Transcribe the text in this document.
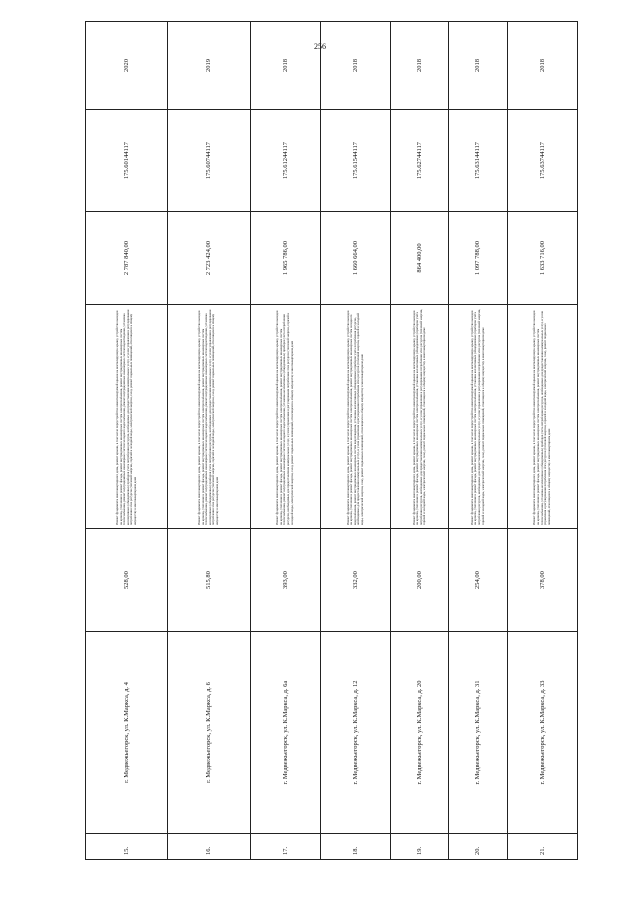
256
15.	г. Медвежьегорск, ул. К.Маркса, д. 4	528,00	Ремонт фундамента многоквартирного дома, ремонт крыши, в том числе переустройство невентилируемой крыши на вентилируемую крышу, устройство выходов на кровлю, утепление и ремонт фасада, ремонт внутридомовых инженерных систем электроснабжения, ремонт внутридомовых инженерных систем теплоснабжения, ремонт внутридомовых инженерных систем холодного водоснабжения, ремонт внутридомовых инженерных систем водоотведения, установка коллективных (общедомовых) приборов учета потребления ресурсов, необходимых для предоставления коммунальных услуг, и узлов управления и регулирования потребления этих ресурсов (тепловой энергии, горячей и холодной воды, электрической энергии, газа), ремонт подвальных помещений, относящихся к общему имуществу в многоквартирном доме	2 787 840,00	175.60144117	2020
16.	г. Медвежьегорск, ул. К.Маркса, д. 6	515,80	Ремонт фундамента многоквартирного дома, ремонт крыши, в том числе переустройство невентилируемой крыши на вентилируемую крышу, устройство выходов на кровлю, утепление и ремонт фасада, ремонт внутридомовых инженерных систем электроснабжения, ремонт внутридомовых инженерных систем теплоснабжения, ремонт внутридомовых инженерных систем холодного водоснабжения, ремонт внутридомовых инженерных систем водоотведения, установка коллективных (общедомовых) приборов учета потребления ресурсов, необходимых для предоставления коммунальных услуг, и узлов управления и регулирования потребления этих ресурсов (тепловой энергии, горячей и холодной воды, электрической энергии, газа), ремонт подвальных помещений, относящихся к общему имуществу в многоквартирном доме	2 723 424,00	175.60744117	2019
17.	г. Медвежьегорск, ул. К.Маркса, д. 6а	393,00	Ремонт фундамента многоквартирного дома, ремонт крыши, в том числе переустройство невентилируемой крыши на вентилируемую крышу, устройство выходов на кровлю, утепление и ремонт фасада, ремонт внутридомовых инженерных систем электроснабжения, ремонт внутридомовых инженерных систем теплоснабжения, ремонт внутридомовых инженерных систем холодного водоснабжения, установка коллективных (общедомовых) приборов учета потребления ресурсов, необходимых для предоставления коммунальных услуг, и узлов управления и регулирования потребления этих ресурсов (тепловой энергии, горячей и холодной воды, электрической энергии, газа), ремонт подвальных помещений, относящихся к общему имуществу в многоквартирном доме	1 965 786,00	175.61244117	2018
18.	г. Медвежьегорск, ул. К.Маркса, д. 12	332,00	Ремонт фундамента многоквартирного дома, ремонт крыши, в том числе переустройство невентилируемой крыши на вентилируемую крышу, устройство выходов на кровлю, утепление и ремонт фасада, ремонт внутридомовых инженерных систем электроснабжения, ремонт внутридомовых инженерных систем холодного водоснабжения, ремонт внутридомовых инженерных систем водоотведения, установка коллективных (общедомовых) приборов учета потребления ресурсов, необходимых для предоставления коммунальных услуг, и узлов управления и регулирования потребления этих ресурсов (тепловой энергии, горячей и холодной воды, электрической энергии, газа), ремонт подвальных помещений, относящихся к общему имуществу в многоквартирном доме	1 660 664,00	175.61544117	2018
19.	г. Медвежьегорск, ул. К.Маркса, д. 20	200,00	Ремонт фундамента многоквартирного дома, ремонт крыши, в том числе переустройство невентилируемой крыши на вентилируемую крышу, устройство выходов на кровлю, утепление и ремонт фасада, ремонт внутридомовых инженерных систем электроснабжения, установка коллективных (общедомовых) приборов учета потребления ресурсов, необходимых для предоставления коммунальных услуг, и узлов управления и регулирования потребления этих ресурсов (тепловой энергии, горячей и холодной воды, электрической энергии, газа), ремонт подвальных помещений, относящихся к общему имуществу в многоквартирном доме	864 400,00	175.62744117	2018
20.	г. Медвежьегорск, ул. К.Маркса, д. 31	254,00	Ремонт фундамента многоквартирного дома, ремонт крыши, в том числе переустройство невентилируемой крыши на вентилируемую крышу, устройство выходов на кровлю, утепление и ремонт фасада, ремонт внутридомовых инженерных систем электроснабжения, установка коллективных (общедомовых) приборов учета потребления ресурсов, необходимых для предоставления коммунальных услуг, и узлов управления и регулирования потребления этих ресурсов (тепловой энергии, горячей и холодной воды, электрической энергии, газа), ремонт подвальных помещений, относящихся к общему имуществу в многоквартирном доме	1 097 788,00	175.63144117	2018
21.	г. Медвежьегорск, ул. К.Маркса, д. 33	378,00	Ремонт фундамента многоквартирного дома, ремонт крыши, в том числе переустройство невентилируемой крыши на вентилируемую крышу, устройство выходов на кровлю, утепление и ремонт фасада, ремонт внутридомовых инженерных систем электроснабжения, ремонт внутридомовых инженерных систем теплоснабжения, установка коллективных (общедомовых) приборов учета потребления ресурсов, необходимых для предоставления коммунальных услуг, и узлов управления и регулирования потребления этих ресурсов (тепловой энергии, горячей и холодной воды, электрической энергии, газа), ремонт подвальных помещений, относящихся к общему имуществу в многоквартирном доме	1 633 716,00	175.63744117	2018
